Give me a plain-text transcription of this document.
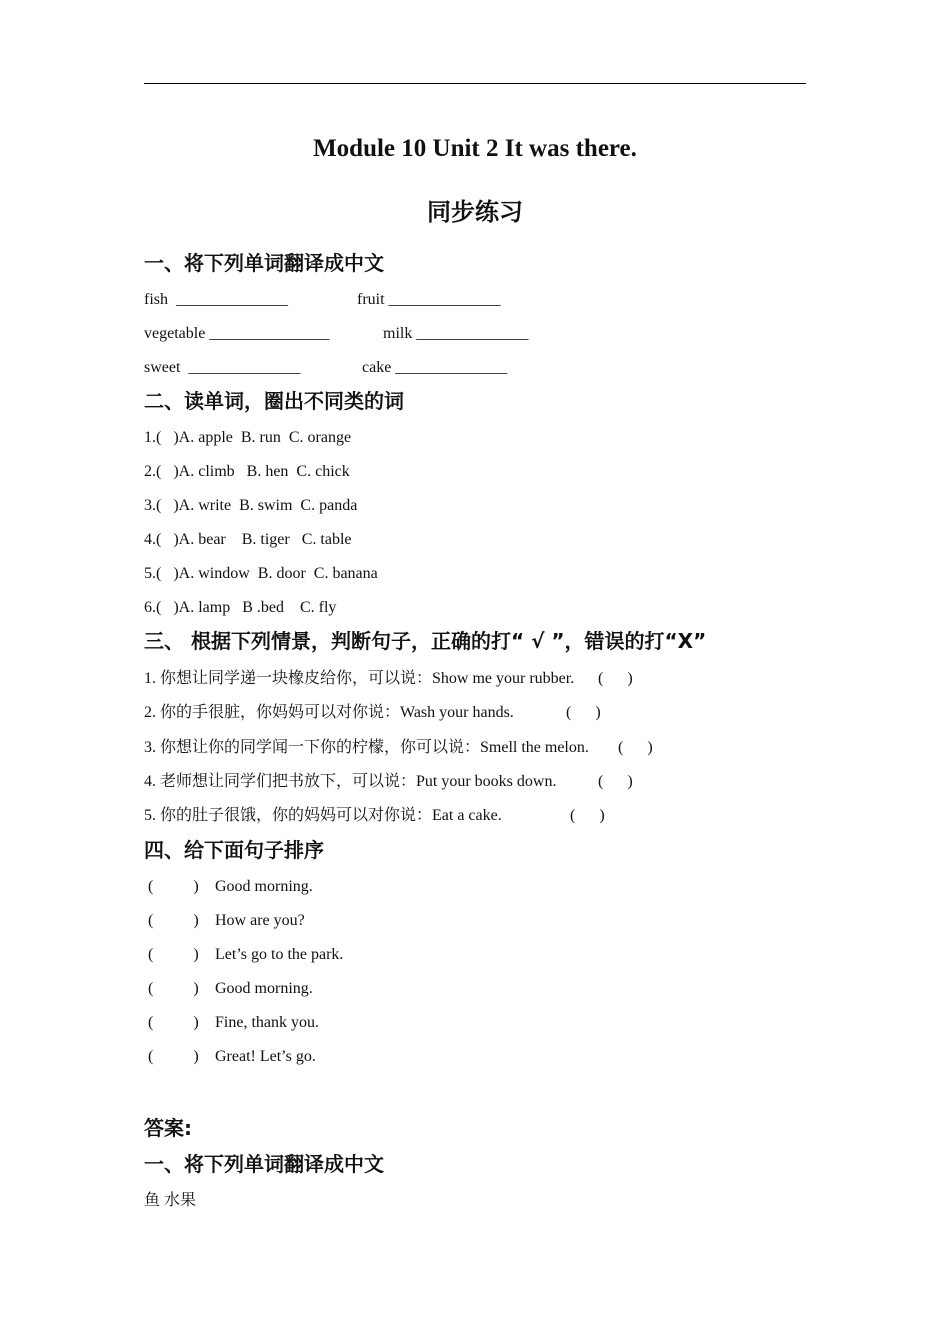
Module 10 Unit 2 It was there.
同步练习
一、将下列单词翻译成中文
fish  ______________	fruit ______________
vegetable _______________	milk ______________
sweet  ______________	cake ______________
二、读单词，圈出不同类的词
1.(   )A. apple  B. run  C. orange
2.(   )A. climb   B. hen  C. chick
3.(   )A. write  B. swim  C. panda
4.(   )A. bear    B. tiger   C. table
5.(   )A. window  B. door  C. banana
6.(   )A. lamp   B .bed    C. fly
三、 根据下列情景，判断句子，正确的打“ √ ”，错误的打“X”
1. 你想让同学递一块橡皮给你，可以说：Show me your rubber. (      )
2. 你的手很脏，你妈妈可以对你说：Wash your hands.	(      )
3. 你想让你的同学闻一下你的柠檬，你可以说：Smell the melon. (      )
4. 老师想让同学们把书放下，可以说：Put your books down.	(      )
5. 你的肚子很饿，你的妈妈可以对你说：Eat a cake.	(      )
四、给下面句子排序
(          ) Good morning.
(          ) How are you?
(          ) Let’s go to the park.
(          ) Good morning.
(          ) Fine, thank you.
(          ) Great! Let’s go.
答案:
一、将下列单词翻译成中文
鱼 水果
